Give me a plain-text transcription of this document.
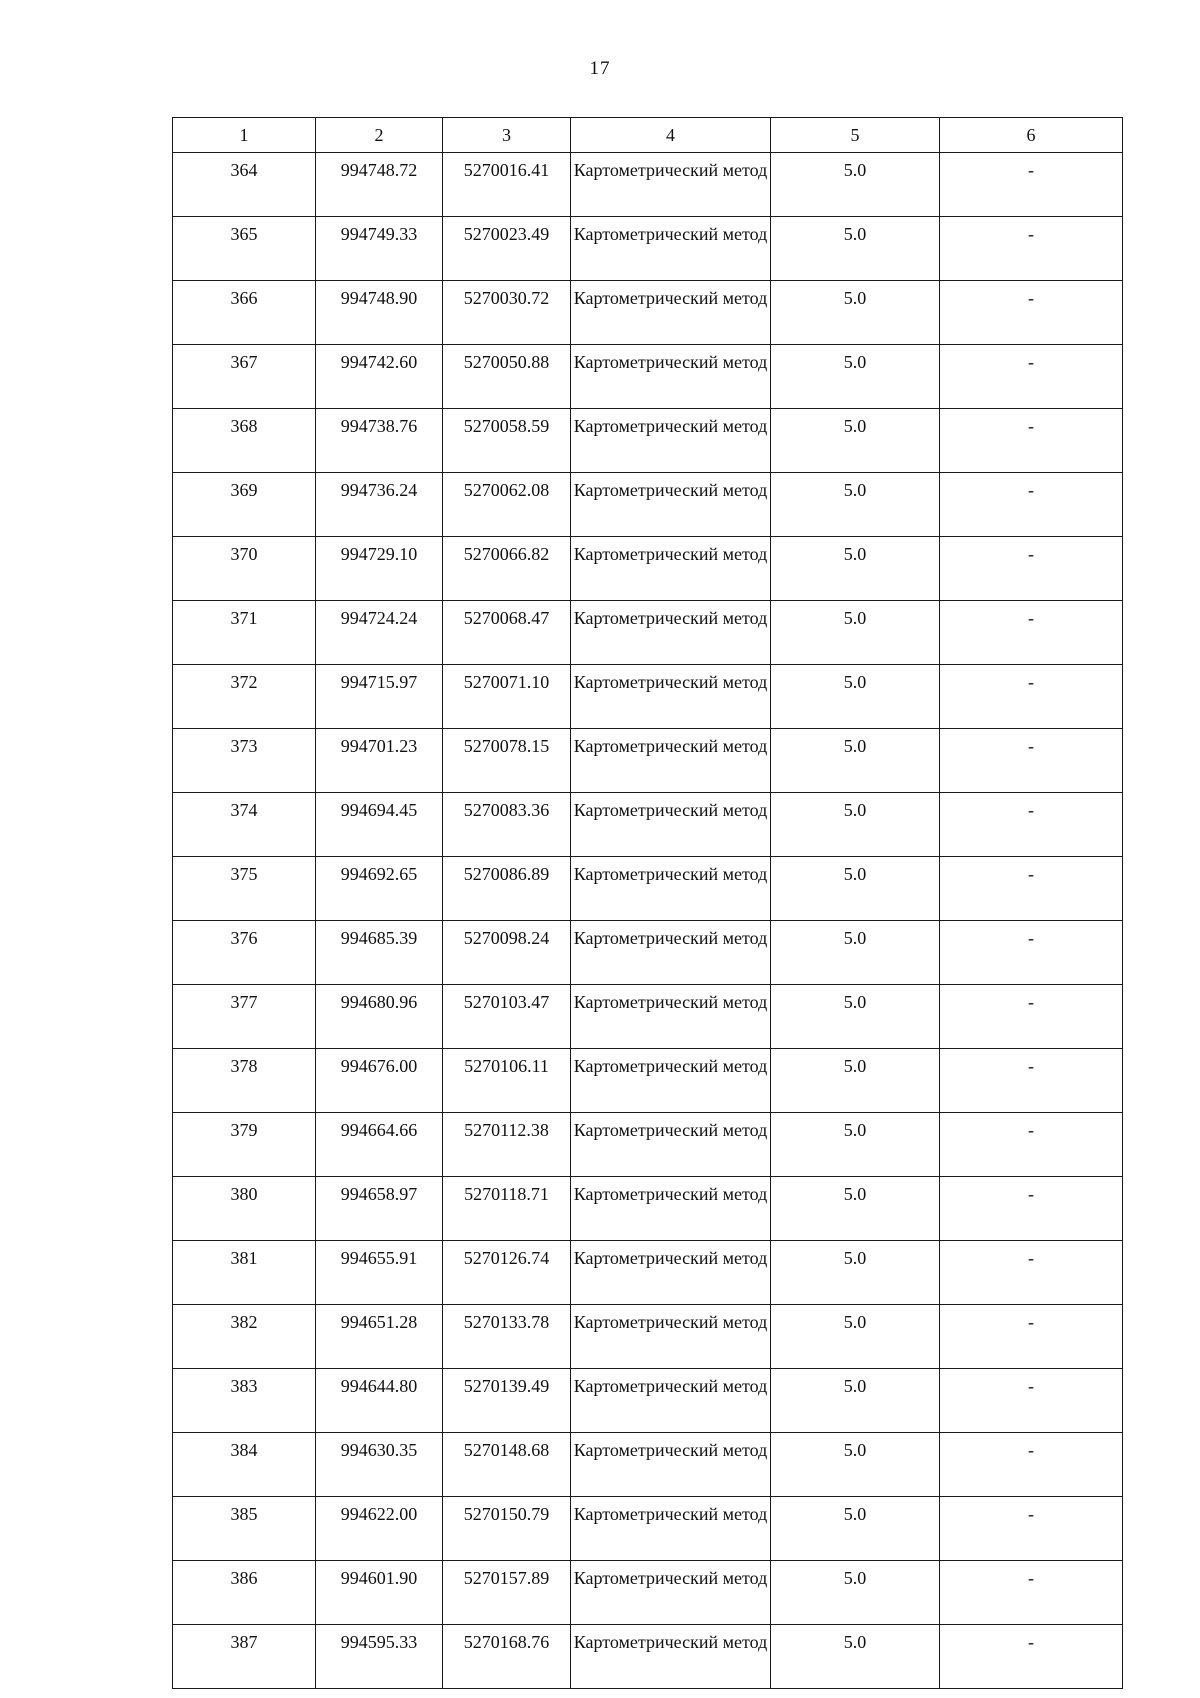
17
1	2	3	4	5	6
364	994748.72	5270016.41	Картометрический метод	5.0	-
365	994749.33	5270023.49	Картометрический метод	5.0	-
366	994748.90	5270030.72	Картометрический метод	5.0	-
367	994742.60	5270050.88	Картометрический метод	5.0	-
368	994738.76	5270058.59	Картометрический метод	5.0	-
369	994736.24	5270062.08	Картометрический метод	5.0	-
370	994729.10	5270066.82	Картометрический метод	5.0	-
371	994724.24	5270068.47	Картометрический метод	5.0	-
372	994715.97	5270071.10	Картометрический метод	5.0	-
373	994701.23	5270078.15	Картометрический метод	5.0	-
374	994694.45	5270083.36	Картометрический метод	5.0	-
375	994692.65	5270086.89	Картометрический метод	5.0	-
376	994685.39	5270098.24	Картометрический метод	5.0	-
377	994680.96	5270103.47	Картометрический метод	5.0	-
378	994676.00	5270106.11	Картометрический метод	5.0	-
379	994664.66	5270112.38	Картометрический метод	5.0	-
380	994658.97	5270118.71	Картометрический метод	5.0	-
381	994655.91	5270126.74	Картометрический метод	5.0	-
382	994651.28	5270133.78	Картометрический метод	5.0	-
383	994644.80	5270139.49	Картометрический метод	5.0	-
384	994630.35	5270148.68	Картометрический метод	5.0	-
385	994622.00	5270150.79	Картометрический метод	5.0	-
386	994601.90	5270157.89	Картометрический метод	5.0	-
387	994595.33	5270168.76	Картометрический метод	5.0	-
